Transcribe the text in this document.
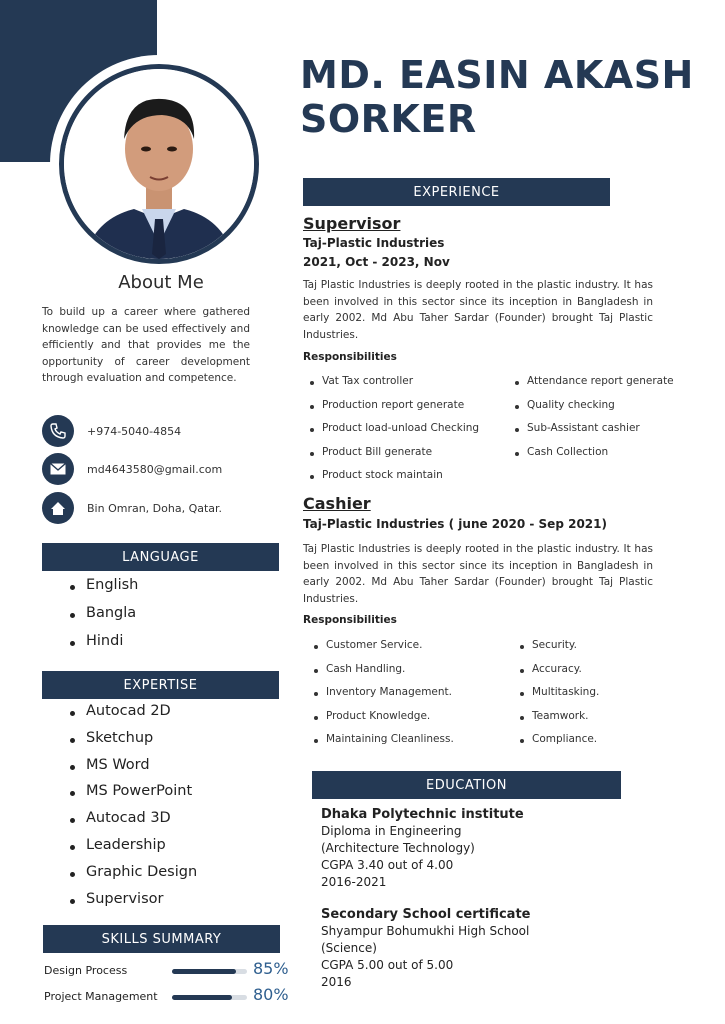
MD. EASIN AKASH SORKER
About Me
To build up a career where gathered knowledge can be used effectively and efficiently and that provides me the opportunity of career development through evaluation and competence.
+974-5040-4854
md4643580@gmail.com
Bin Omran, Doha, Qatar.
LANGUAGE
English
Bangla
Hindi
EXPERTISE
Autocad 2D
Sketchup
MS Word
MS PowerPoint
Autocad 3D
Leadership
Graphic Design
Supervisor
SKILLS SUMMARY
Design Process	85%
Project Management	80%
EXPERIENCE
Supervisor
Taj-Plastic Industries
2021, Oct - 2023, Nov
Taj Plastic Industries is deeply rooted in the plastic industry. It has been involved in this sector since its inception in Bangladesh in early 2002. Md Abu Taher Sardar (Founder) brought Taj Plastic Industries.
Responsibilities
Vat Tax controller
Production report generate
Product load-unload Checking
Product Bill generate
Product stock maintain
Attendance report generate
Quality checking
Sub-Assistant cashier
Cash Collection
Cashier
Taj-Plastic Industries ( june 2020 - Sep 2021)
Taj Plastic Industries is deeply rooted in the plastic industry. It has been involved in this sector since its inception in Bangladesh in early 2002. Md Abu Taher Sardar (Founder) brought Taj Plastic Industries.
Responsibilities
Customer Service.
Cash Handling.
Inventory Management.
Product Knowledge.
Maintaining Cleanliness.
Security.
Accuracy.
Multitasking.
Teamwork.
Compliance.
EDUCATION
Dhaka Polytechnic institute
Diploma in Engineering
(Architecture Technology)
CGPA 3.40 out of 4.00
2016-2021
Secondary School certificate
Shyampur Bohumukhi High School
(Science)
CGPA 5.00 out of 5.00
2016
